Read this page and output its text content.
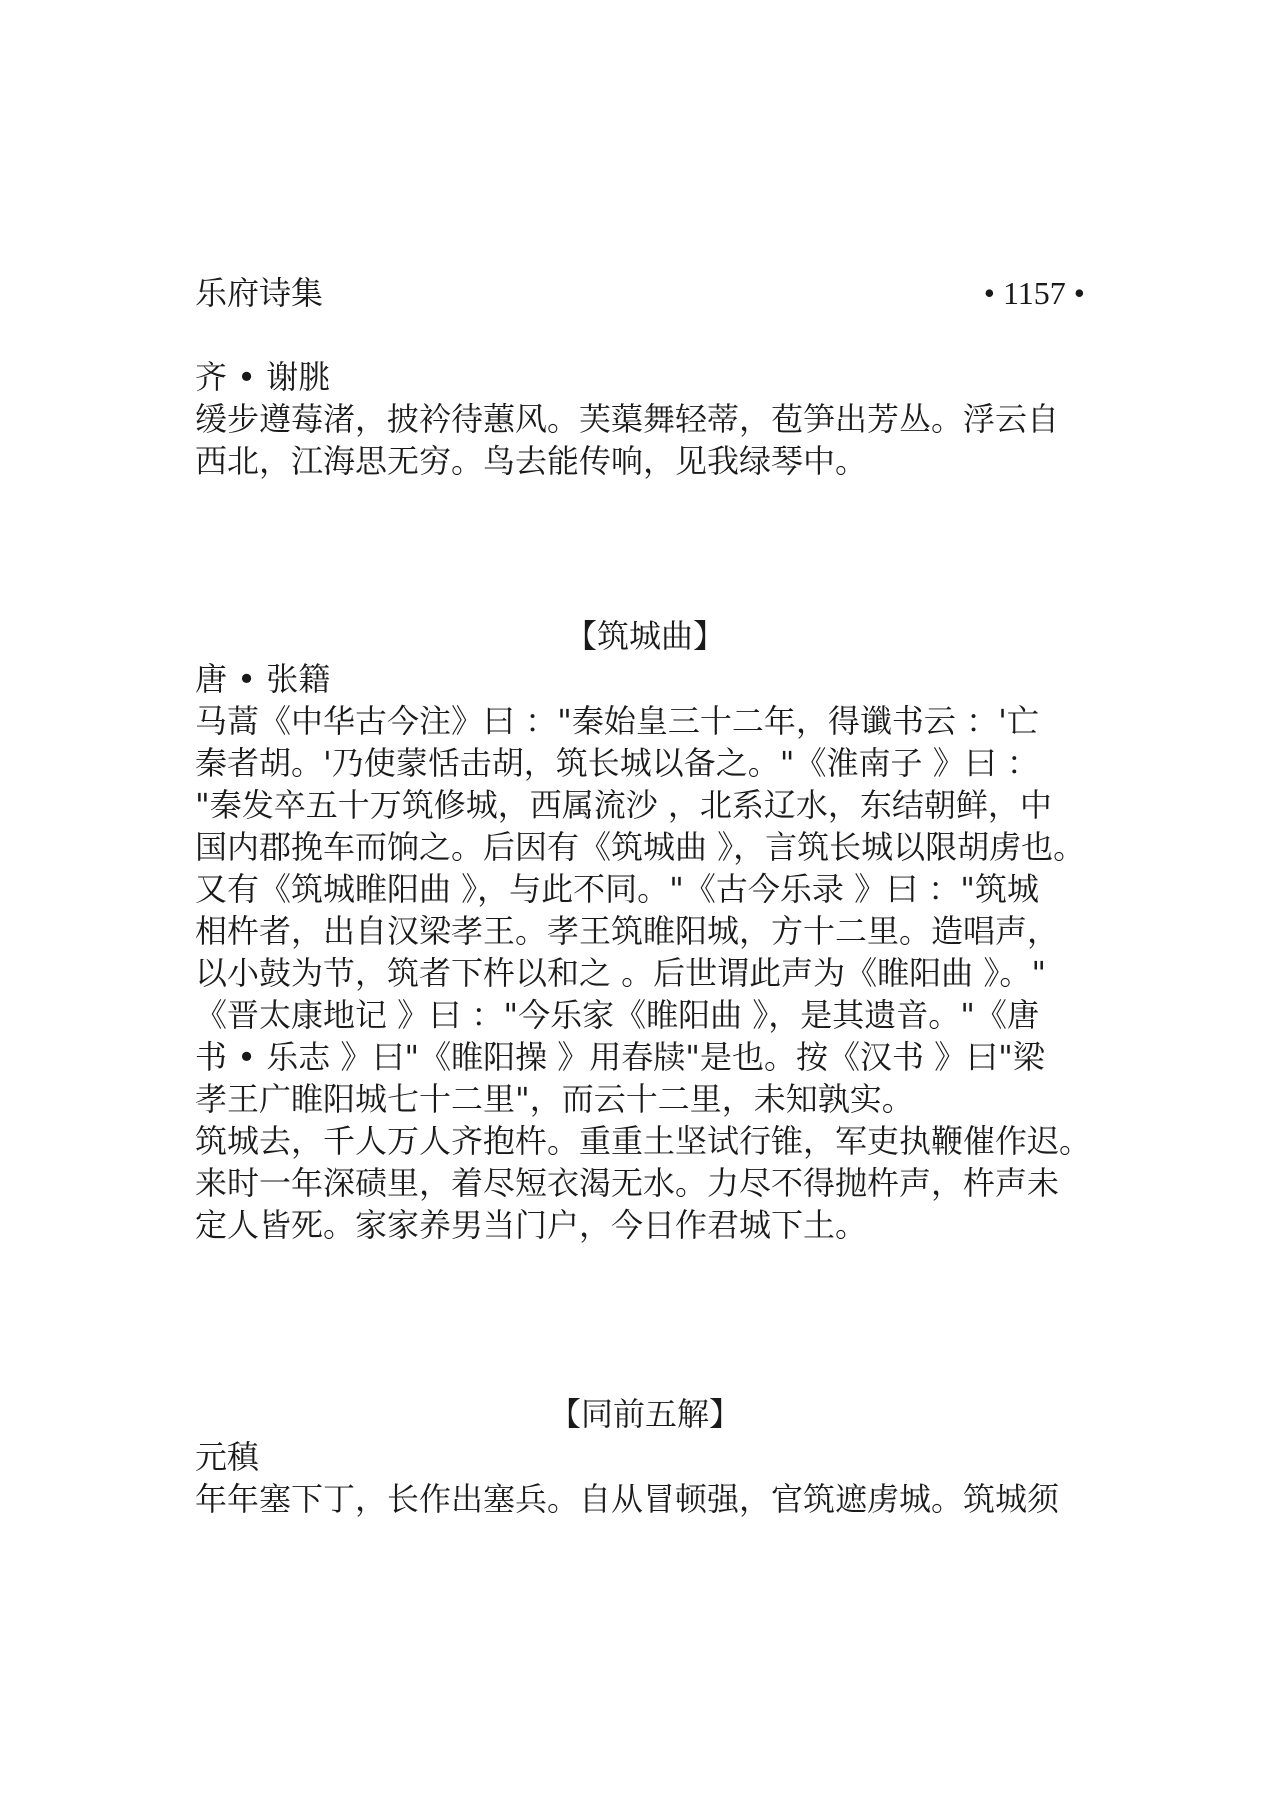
乐府诗集	• 1157 •

齐 • 谢朓

缓步遵莓渚，披衿待蕙风。芙蕖舞轻蒂，苞笋出芳丛。浮云自

西北，江海思无穷。鸟去能传响，见我绿琴中。

【筑城曲】

唐 • 张籍

马蒿《中华古今注》曰 ："秦始皇三十二年，得谶书云 ：'亡

秦者胡。'乃使蒙恬击胡，筑长城以备之。"《淮南子 》曰 ：

"秦发卒五十万筑修城，西属流沙 ，北系辽水，东结朝鲜，中

国内郡挽车而饷之。后因有《筑城曲 》，言筑长城以限胡虏也。

又有《筑城睢阳曲 》，与此不同。"《古今乐录 》曰 ："筑城

相杵者，出自汉梁孝王。孝王筑睢阳城，方十二里。造唱声，

以小鼓为节，筑者下杵以和之 。后世谓此声为《睢阳曲 》。"

《晋太康地记 》曰 ："今乐家《睢阳曲 》，是其遗音。"《唐

书 • 乐志 》曰"《睢阳操 》用春牍"是也。按《汉书 》曰"梁

孝王广睢阳城七十二里"，而云十二里，未知孰实。

筑城去，千人万人齐抱杵。重重土坚试行锥，军吏执鞭催作迟。

来时一年深碛里，着尽短衣渴无水。力尽不得抛杵声，杵声未

定人皆死。家家养男当门户，今日作君城下土。

【同前五解】

元稹

年年塞下丁，长作出塞兵。自从冒顿强，官筑遮虏城。筑城须
